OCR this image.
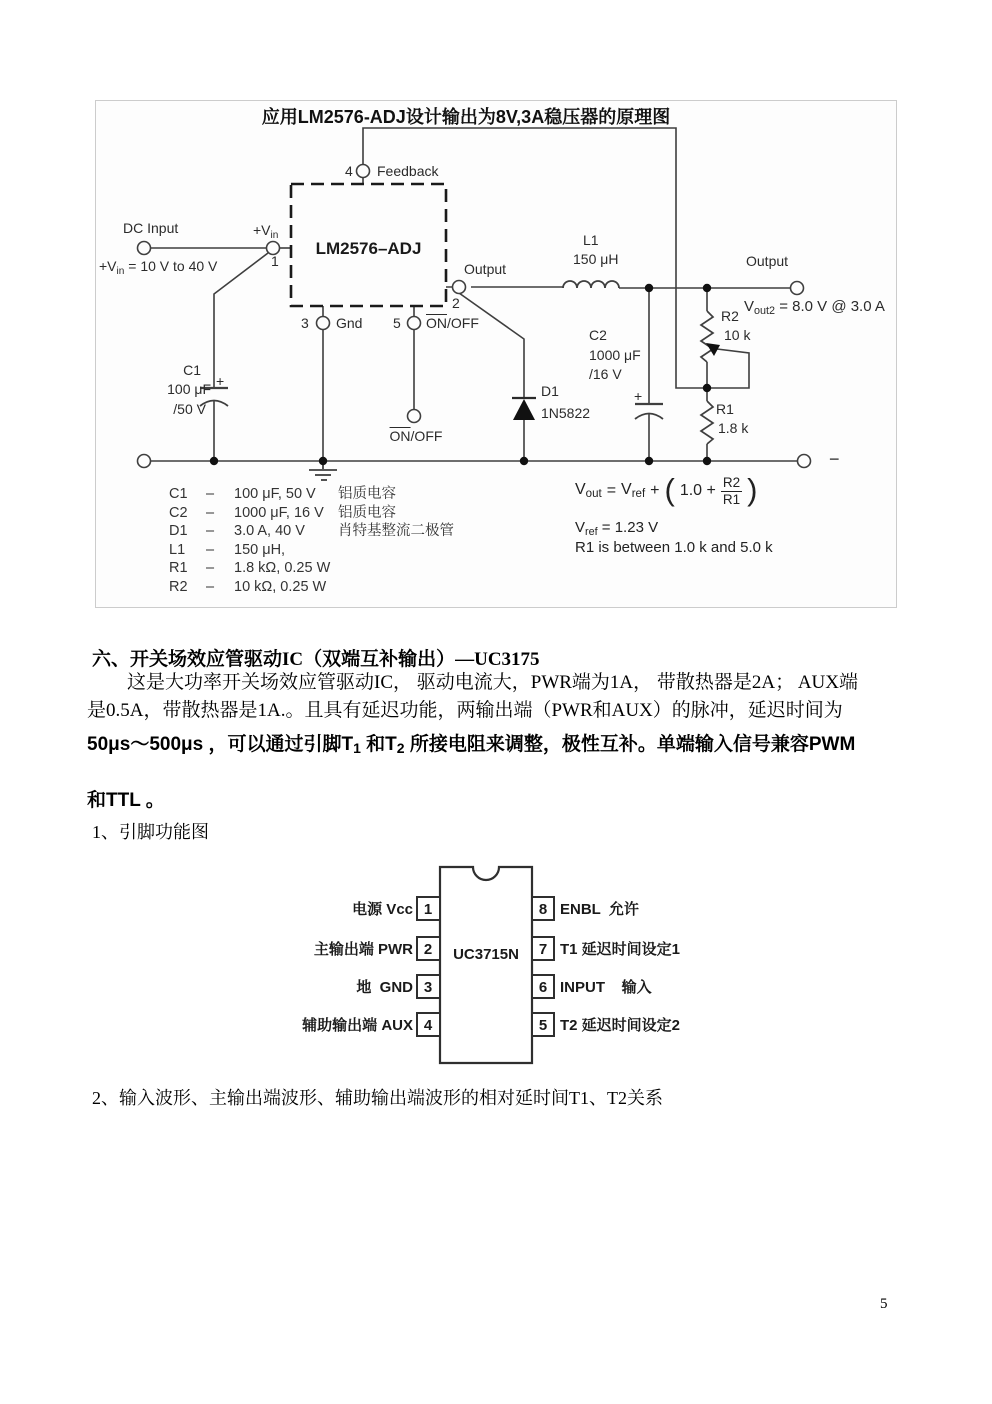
应用LM2576-ADJ设计输出为8V,3A稳压器的原理图
DC Input	$+V_{in}$
1
$+V_{in} = 10$ V to 40 V
4 Feedback
LM2576–ADJ
3 Gnd 5 $\overline{ON}$/OFF
$\overline{ON}$/OFF
Output
2
L1
150 μH
C1
100 μF
/50 V
+
D1
1N5822
C2
1000 μF
/16 V
+
R2
10 k
R1
1.8 k
Output
$V_{out2} = 8.0$ V @ 3.0 A
−
C1 – 100 μF, 50 V 铝质电容
C2 – 1000 μF, 16 V 铝质电容
D1 – 3.0 A, 40 V 肖特基整流二极管
L1 – 150 μH,
R1 – 1.8 kΩ, 0.25 W
R2 – 10 kΩ, 0.25 W
$V_{out} = V_{ref}$ + ( $1.0 + \frac{R2}{R1}$ )
$V_{ref} = 1.23$ V
R1 is between 1.0 k and 5.0 k
六、开关场效应管驱动IC（双端互补输出）—UC3175
这是大功率开关场效应管驱动IC， 驱动电流大，PWR端为1A， 带散热器是2A； AUX端
是0.5A，带散热器是1A.。且具有延迟功能，两输出端（PWR和AUX）的脉冲，延迟时间为
50μs〜500μs ，可以通过引脚T1 和T2 所接电阻来调整，极性互补。单端输入信号兼容PWM
和TTL 。
1、引脚功能图
2、输入波形、主输出端波形、辅助输出端波形的相对延时间T1、T2关系
5
UC3715N
1
2
3
4
8
7
6
5
电源 Vcc
主输出端 PWR
地  GND
辅助输出端 AUX
ENBL  允许
T1 延迟时间设定1
INPUT    输入
T2 延迟时间设定2
